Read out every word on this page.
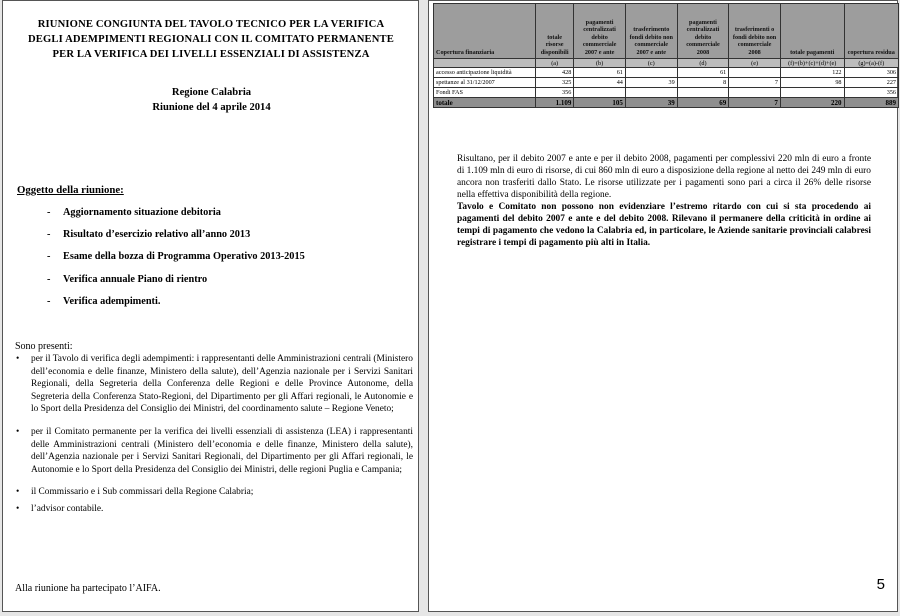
RIUNIONE CONGIUNTA DEL TAVOLO TECNICO PER LA VERIFICA
DEGLI ADEMPIMENTI REGIONALI CON IL COMITATO PERMANENTE
PER LA VERIFICA DEI LIVELLI ESSENZIALI DI ASSISTENZA
Regione Calabria
Riunione del 4 aprile 2014
Oggetto della riunione:
- Aggiornamento situazione debitoria
- Risultato d’esercizio relativo all’anno 2013
- Esame della bozza di Programma Operativo 2013-2015
- Verifica annuale Piano di rientro
- Verifica adempimenti.
Sono presenti:
• per il Tavolo di verifica degli adempimenti: i rappresentanti delle Amministrazioni centrali (Ministero dell’economia e delle finanze, Ministero della salute), dell’Agenzia nazionale per i Servizi Sanitari Regionali, della Segreteria della Conferenza delle Regioni e delle Province Autonome, della Segreteria della Conferenza Stato-Regioni, del Dipartimento per gli Affari regionali, le Autonomie e lo Sport della Presidenza del Consiglio dei Ministri, del coordinamento salute – Regione Veneto;
• per il Comitato permanente per la verifica dei livelli essenziali di assistenza (LEA) i rappresentanti delle Amministrazioni centrali (Ministero dell’economia e delle finanze, Ministero della salute), dell’Agenzia nazionale per i Servizi Sanitari Regionali, del Dipartimento per gli Affari regionali, le Autonomie e lo Sport della Presidenza del Consiglio dei Ministri, delle regioni Puglia e Campania;
• il Commissario e i Sub commissari della Regione Calabria;
• l’advisor contabile.
Alla riunione ha partecipato l’AIFA.
Copertura finanziaria	totale risorse disponibili	pagamenti centralizzati debito commerciale 2007 e ante	trasferimento fondi debito non commerciale 2007 e ante	pagamenti centralizzati debito commerciale 2008	trasferimenti o fondi debito non commerciale 2008	totale pagamenti	copertura residua
	(a)	(b)	(c)	(d)	(e)	(f)=(b)+(c)+(d)+(e)	(g)=(a)-(f)
accesso anticipazione liquidità	428	61		61		122	306
spettanze al 31/12/2007	325	44	39	8	7	98	227
Fondi FAS	356						356
totale	1.109	105	39	69	7	220	889
Risultano, per il debito 2007 e ante e per il debito 2008, pagamenti per complessivi 220 mln di euro a fronte di 1.109 mln di euro di risorse, di cui 860 mln di euro a disposizione della regione al netto dei 249 mln di euro ancora non trasferiti dallo Stato. Le risorse utilizzate per i pagamenti sono pari a circa il 26% delle risorse nella effettiva disponibilità della regione.
Tavolo e Comitato non possono non evidenziare l’estremo ritardo con cui si sta procedendo ai pagamenti del debito 2007 e ante e del debito 2008. Rilevano il permanere della criticità in ordine ai tempi di pagamento che vedono la Calabria ed, in particolare, le Aziende sanitarie provinciali calabresi registrare i tempi di pagamento più alti in Italia.
5
